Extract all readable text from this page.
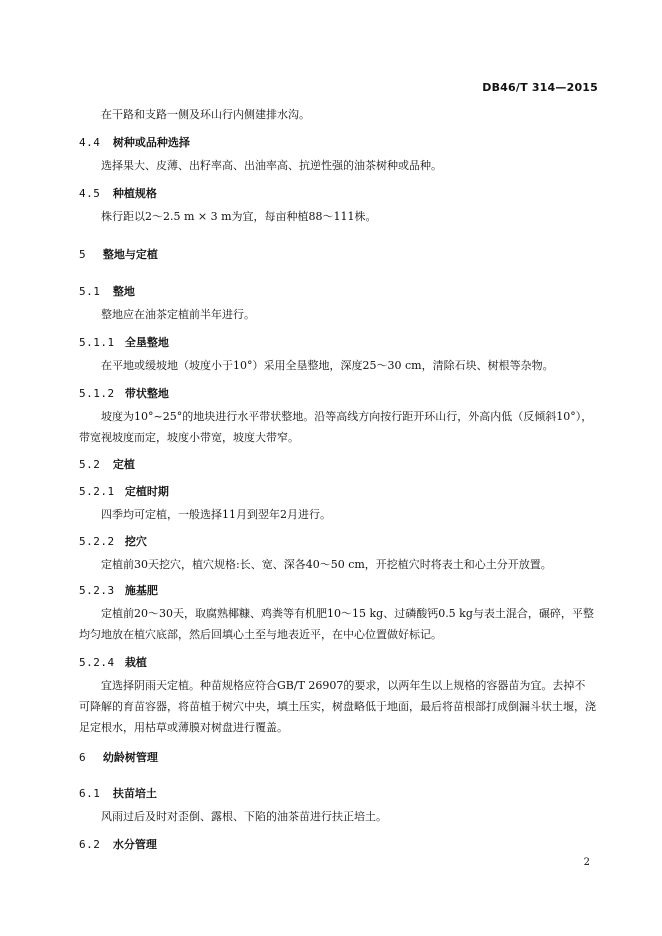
DB46/T 314—2015
在干路和支路一侧及环山行内侧建排水沟。
4.4 树种或品种选择
选择果大、皮薄、出籽率高、出油率高、抗逆性强的油茶树种或品种。
4.5 种植规格
株行距以2～2.5 m × 3 m为宜，每亩种植88～111株。
5 整地与定植
5.1 整地
整地应在油茶定植前半年进行。
5.1.1 全垦整地
在平地或缓坡地（坡度小于10°）采用全垦整地，深度25～30 cm，清除石块、树根等杂物。
5.1.2 带状整地
坡度为10°~25°的地块进行水平带状整地。沿等高线方向按行距开环山行，外高内低（反倾斜10°），带宽视坡度而定，坡度小带宽，坡度大带窄。
5.2 定植
5.2.1 定植时期
四季均可定植，一般选择11月到翌年2月进行。
5.2.2 挖穴
定植前30天挖穴，植穴规格:长、宽、深各40～50 cm，开挖植穴时将表土和心土分开放置。
5.2.3 施基肥
定植前20～30天，取腐熟椰糠、鸡粪等有机肥10～15 kg、过磷酸钙0.5 kg与表土混合，碾碎，平整均匀地放在植穴底部，然后回填心土至与地表近平，在中心位置做好标记。
5.2.4 栽植
宜选择阴雨天定植。种苗规格应符合GB/T 26907的要求，以两年生以上规格的容器苗为宜。去掉不可降解的育苗容器，将苗植于树穴中央，填土压实，树盘略低于地面，最后将苗根部打成倒漏斗状土堰，浇足定根水，用枯草或薄膜对树盘进行覆盖。
6 幼龄树管理
6.1 扶苗培土
风雨过后及时对歪倒、露根、下陷的油茶苗进行扶正培土。
6.2 水分管理
2
